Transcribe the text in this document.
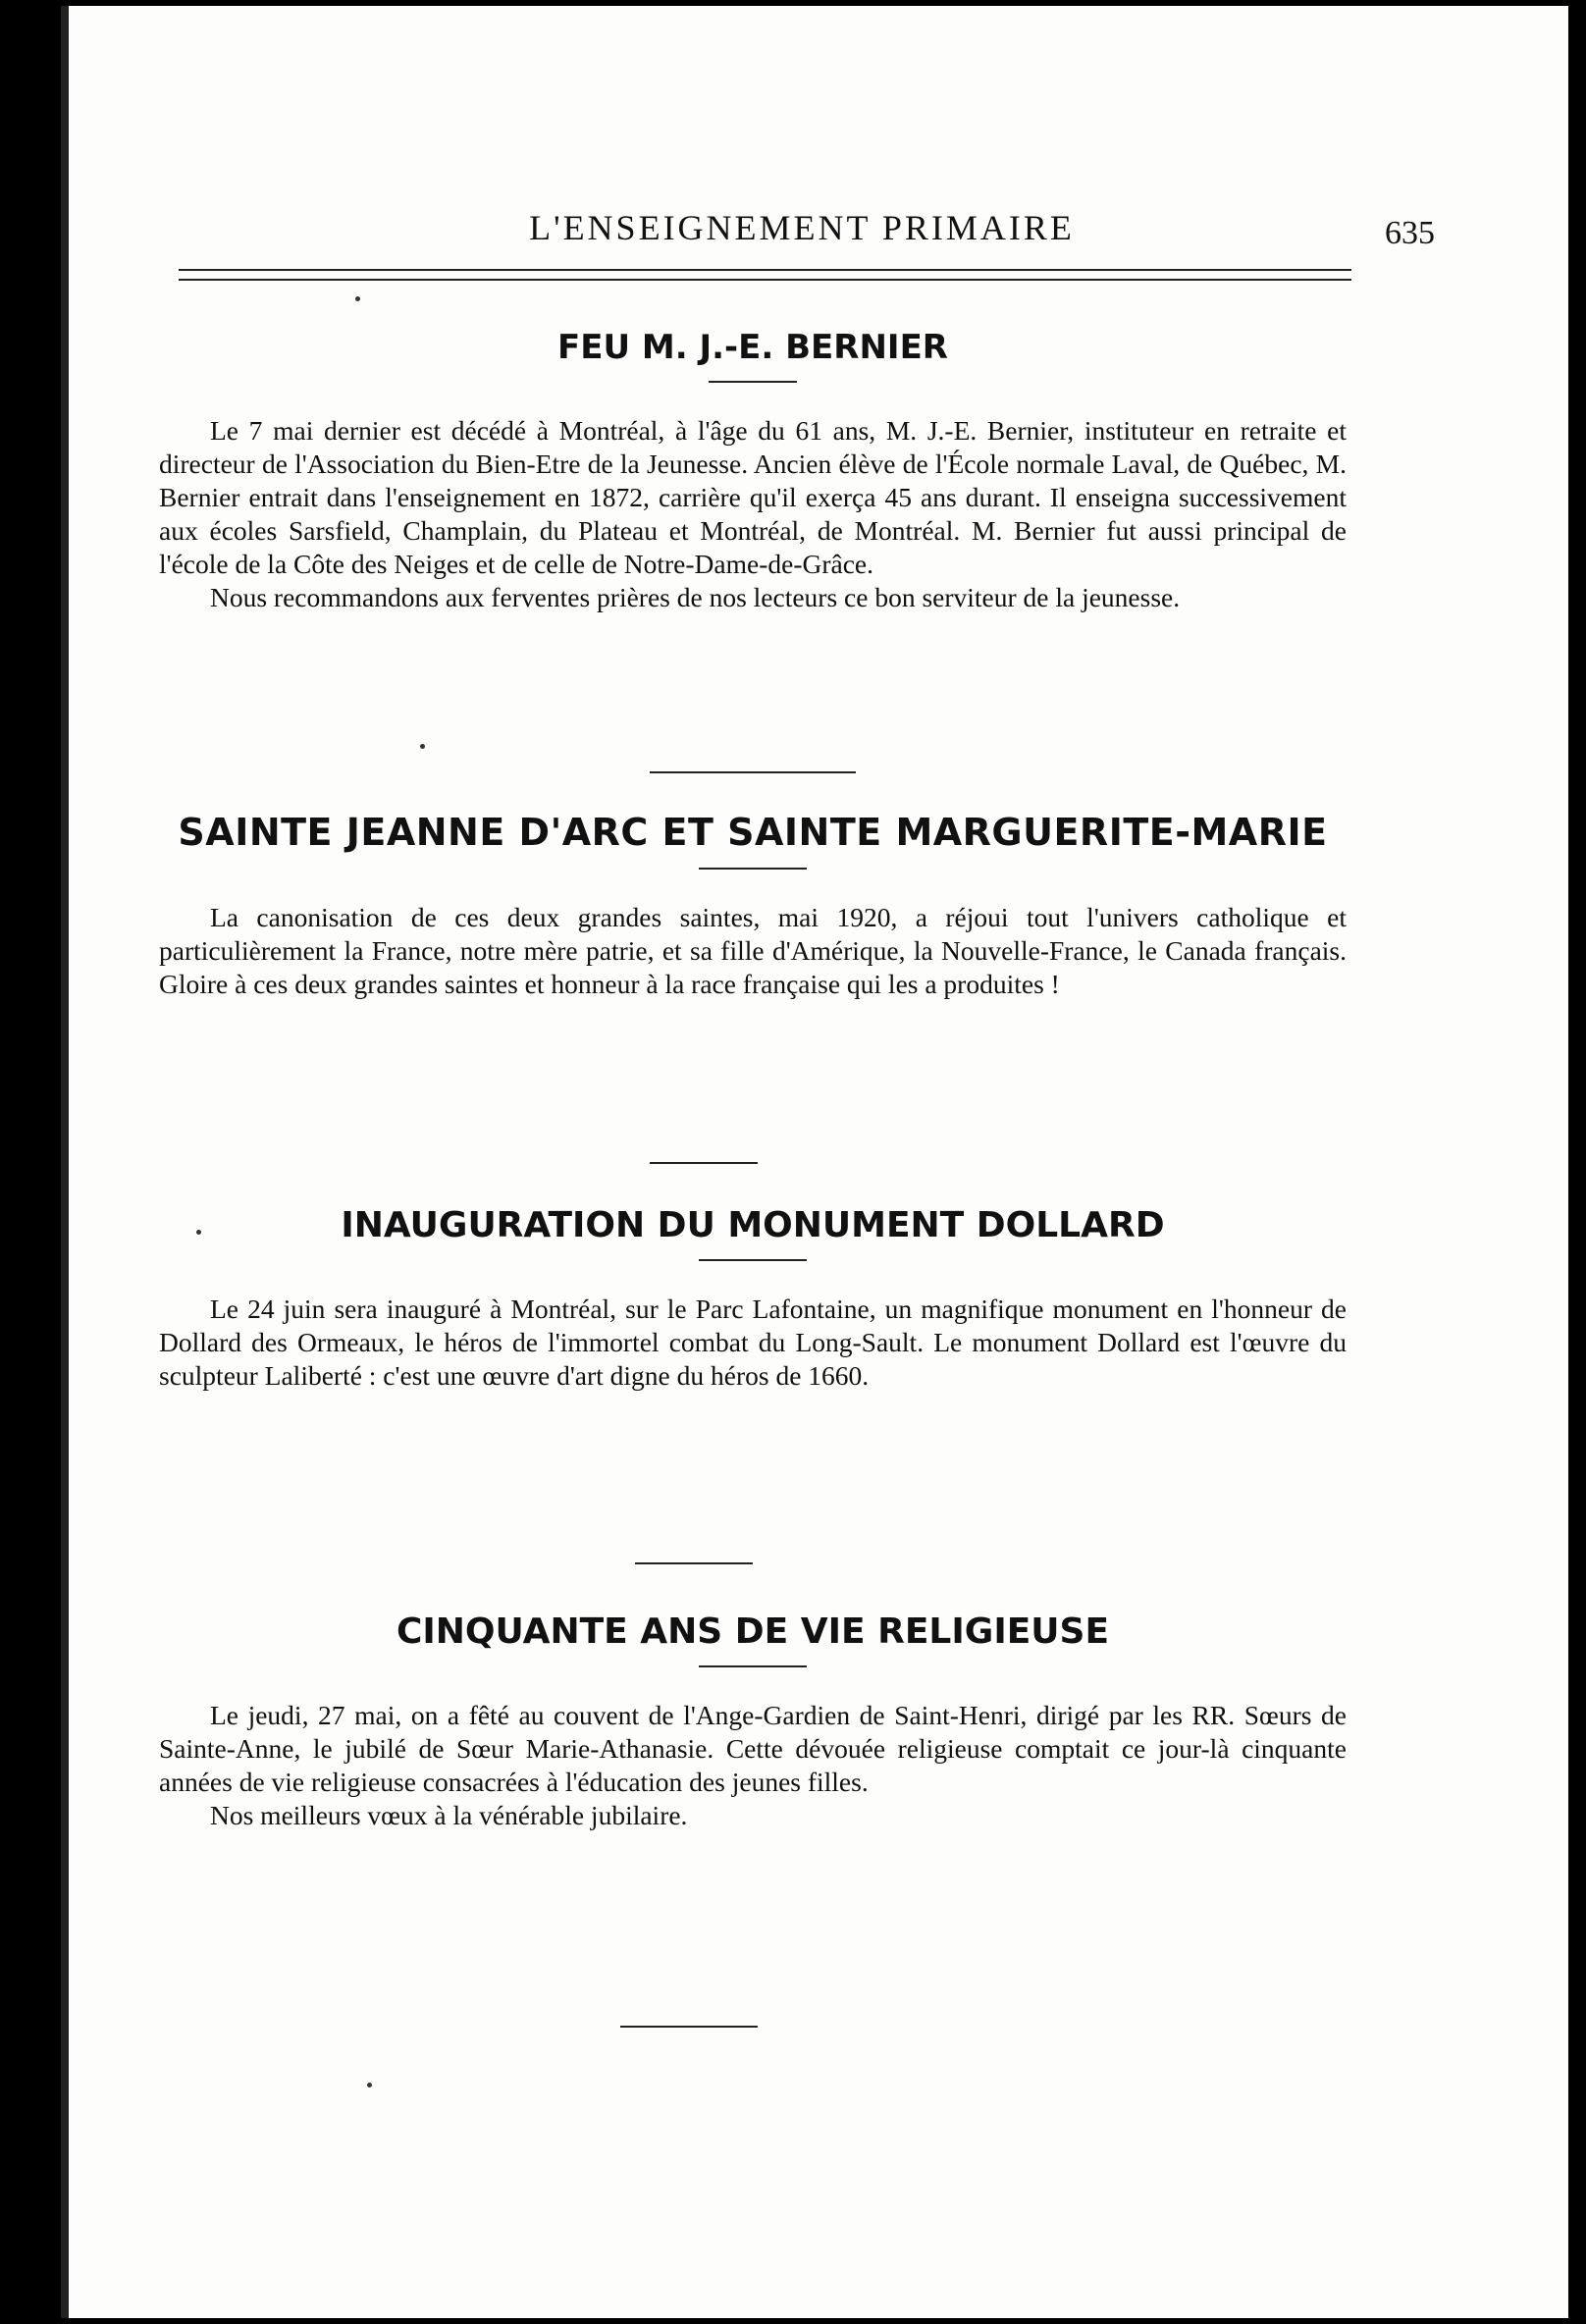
L'ENSEIGNEMENT PRIMAIRE	635
FEU M. J.-E. BERNIER

Le 7 mai dernier est décédé à Montréal, à l'âge du 61 ans, M. J.-E. Bernier, instituteur en retraite et directeur de l'Association du Bien-Etre de la Jeunesse. Ancien élève de l'École normale Laval, de Québec, M. Bernier entrait dans l'enseignement en 1872, carrière qu'il exerça 45 ans durant. Il enseigna successivement aux écoles Sarsfield, Champlain, du Plateau et Montréal, de Montréal. M. Bernier fut aussi principal de l'école de la Côte des Neiges et de celle de Notre-Dame-de-Grâce.

Nous recommandons aux ferventes prières de nos lecteurs ce bon serviteur de la jeunesse.

SAINTE JEANNE D'ARC ET SAINTE MARGUERITE-MARIE

La canonisation de ces deux grandes saintes, mai 1920, a réjoui tout l'univers catholique et particulièrement la France, notre mère patrie, et sa fille d'Amérique, la Nouvelle-France, le Canada français. Gloire à ces deux grandes saintes et honneur à la race française qui les a produites !

INAUGURATION DU MONUMENT DOLLARD

Le 24 juin sera inauguré à Montréal, sur le Parc Lafontaine, un magnifique monument en l'honneur de Dollard des Ormeaux, le héros de l'immortel combat du Long-Sault. Le monument Dollard est l'œuvre du sculpteur Laliberté : c'est une œuvre d'art digne du héros de 1660.

CINQUANTE ANS DE VIE RELIGIEUSE

Le jeudi, 27 mai, on a fêté au couvent de l'Ange-Gardien de Saint-Henri, dirigé par les RR. Sœurs de Sainte-Anne, le jubilé de Sœur Marie-Athanasie. Cette dévouée religieuse comptait ce jour-là cinquante années de vie religieuse consacrées à l'éducation des jeunes filles.

Nos meilleurs vœux à la vénérable jubilaire.
